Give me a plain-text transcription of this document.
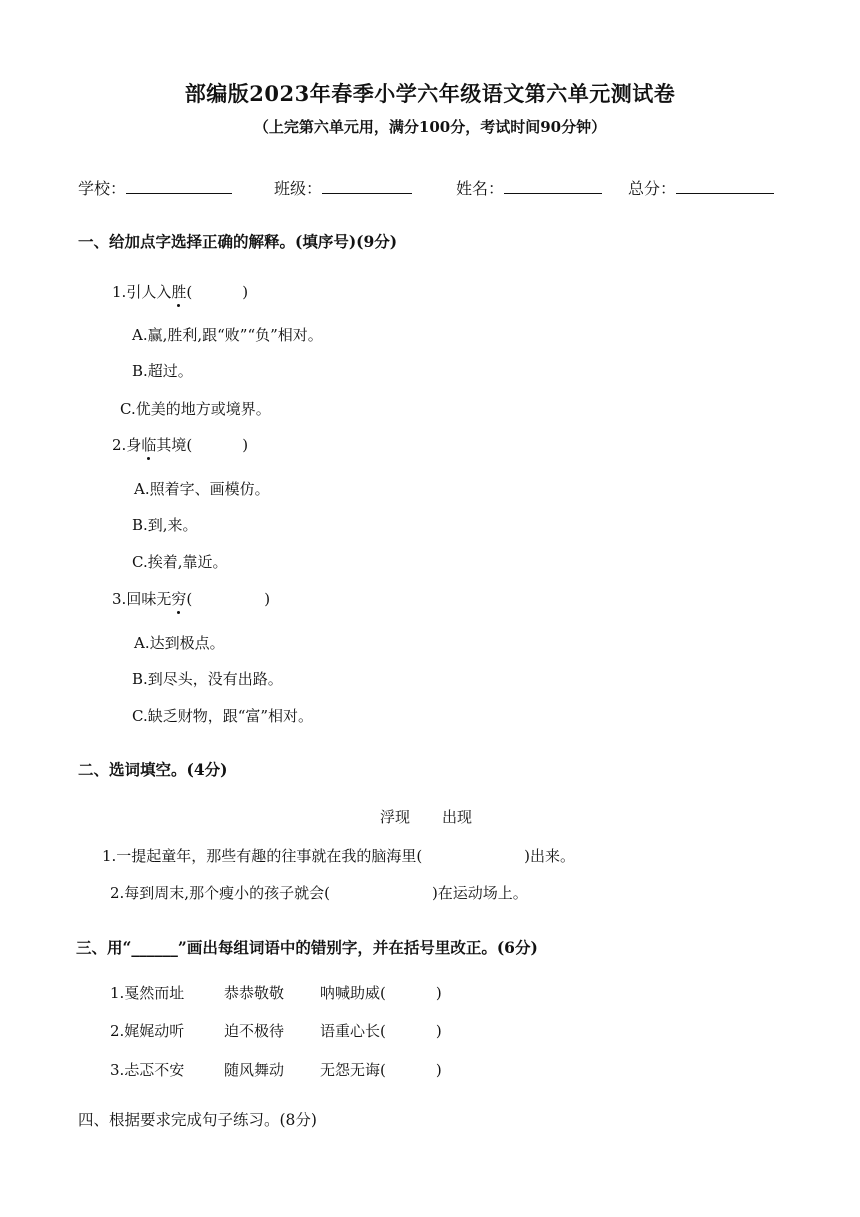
部编版2023年春季小学六年级语文第六单元测试卷
（上完第六单元用，满分100分，考试时间90分钟）
学校：	班级：	姓名：	总分：
一、给加点字选择正确的解释。(填序号)(9分)
1.引人入胜(	)
A.赢,胜利,跟“败”“负”相对。
B.超过。
C.优美的地方或境界。
2.身临其境(	)
A.照着字、画模仿。
B.到,来。
C.挨着,靠近。
3.回味无穷(	)
A.达到极点。
B.到尽头，没有出路。
C.缺乏财物，跟“富”相对。
二、选词填空。(4分)
浮现 出现
1.一提起童年，那些有趣的往事就在我的脑海里(	)出来。
2.每到周末,那个瘦小的孩子就会(	)在运动场上。
三、用“______”画出每组词语中的错别字，并在括号里改正。(6分)
1.戛然而址	恭恭敬敬 呐喊助威(	)
2.娓娓动听	迫不极待 语重心长(	)
3.忐忑不安	随风舞动 无怨无诲(	)
四、根据要求完成句子练习。(8分)
